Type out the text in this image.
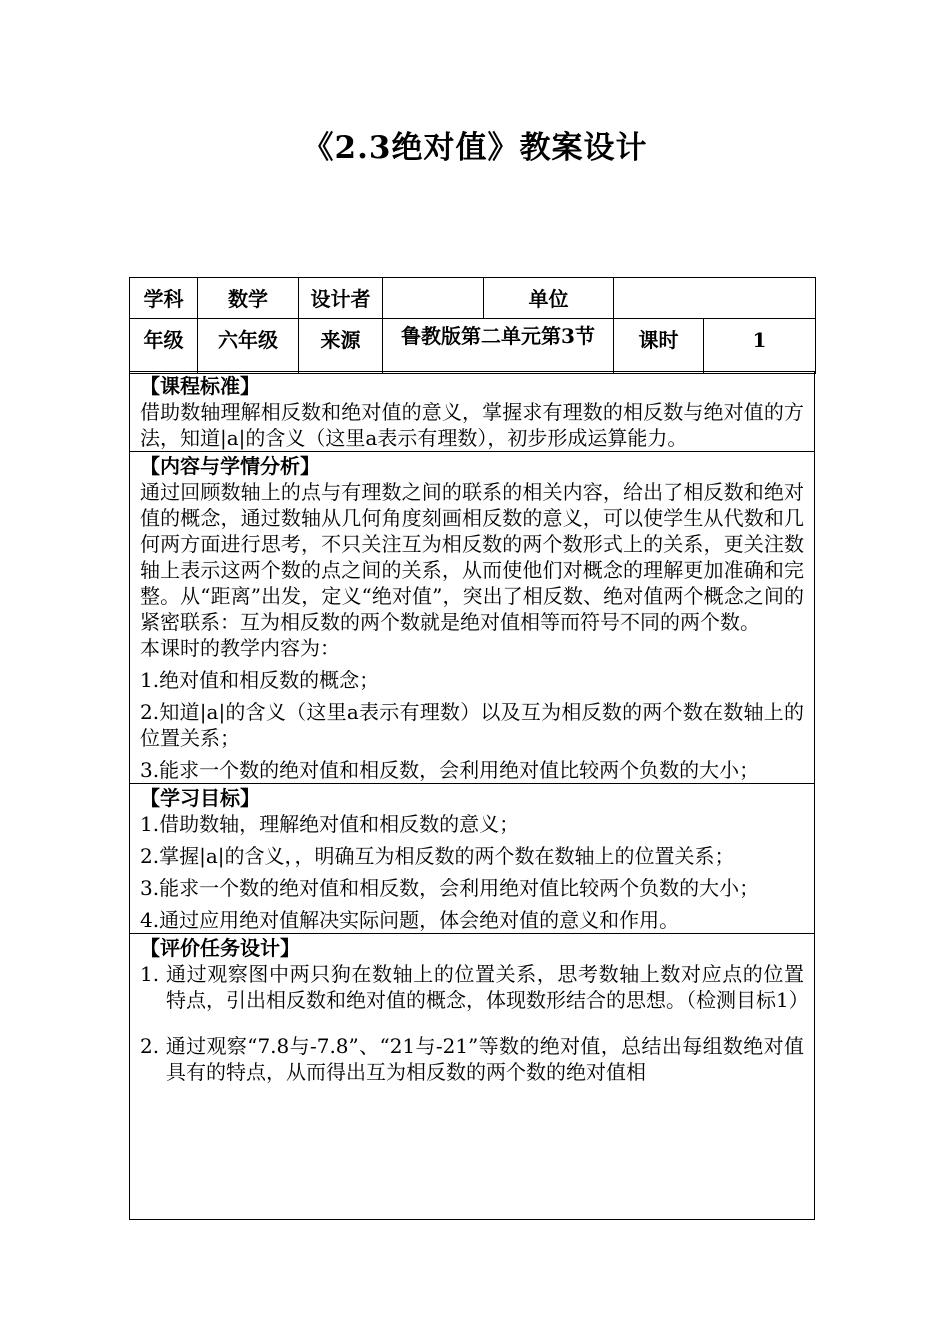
《2.3绝对值》教案设计
学科	数学	设计者		单位		
年级	六年级	来源	鲁教版第二单元第3节		课时	1
【课程标准】

借助数轴理解相反数和绝对值的意义，掌握求有理数的相反数与绝对值的方法，知道|a|的含义（这里a表示有理数），初步形成运算能力。

【内容与学情分析】

通过回顾数轴上的点与有理数之间的联系的相关内容，给出了相反数和绝对值的概念，通过数轴从几何角度刻画相反数的意义，可以使学生从代数和几何两方面进行思考，不只关注互为相反数的两个数形式上的关系，更关注数轴上表示这两个数的点之间的关系，从而使他们对概念的理解更加准确和完整。从“距离”出发，定义“绝对值”，突出了相反数、绝对值两个概念之间的紧密联系：互为相反数的两个数就是绝对值相等而符号不同的两个数。

本课时的教学内容为：

1.绝对值和相反数的概念；

2.知道|a|的含义（这里a表示有理数）以及互为相反数的两个数在数轴上的位置关系；

3.能求一个数的绝对值和相反数，会利用绝对值比较两个负数的大小；

【学习目标】

1.借助数轴，理解绝对值和相反数的意义；

2.掌握|a|的含义，，明确互为相反数的两个数在数轴上的位置关系；

3.能求一个数的绝对值和相反数，会利用绝对值比较两个负数的大小；

4.通过应用绝对值解决实际问题，体会绝对值的意义和作用。

【评价任务设计】

1. 通过观察图中两只狗在数轴上的位置关系，思考数轴上数对应点的位置特点，引出相反数和绝对值的概念，体现数形结合的思想。（检测目标1）

2. 通过观察“7.8与-7.8”、“21与-21”等数的绝对值，总结出每组数绝对值具有的特点，从而得出互为相反数的两个数的绝对值相
